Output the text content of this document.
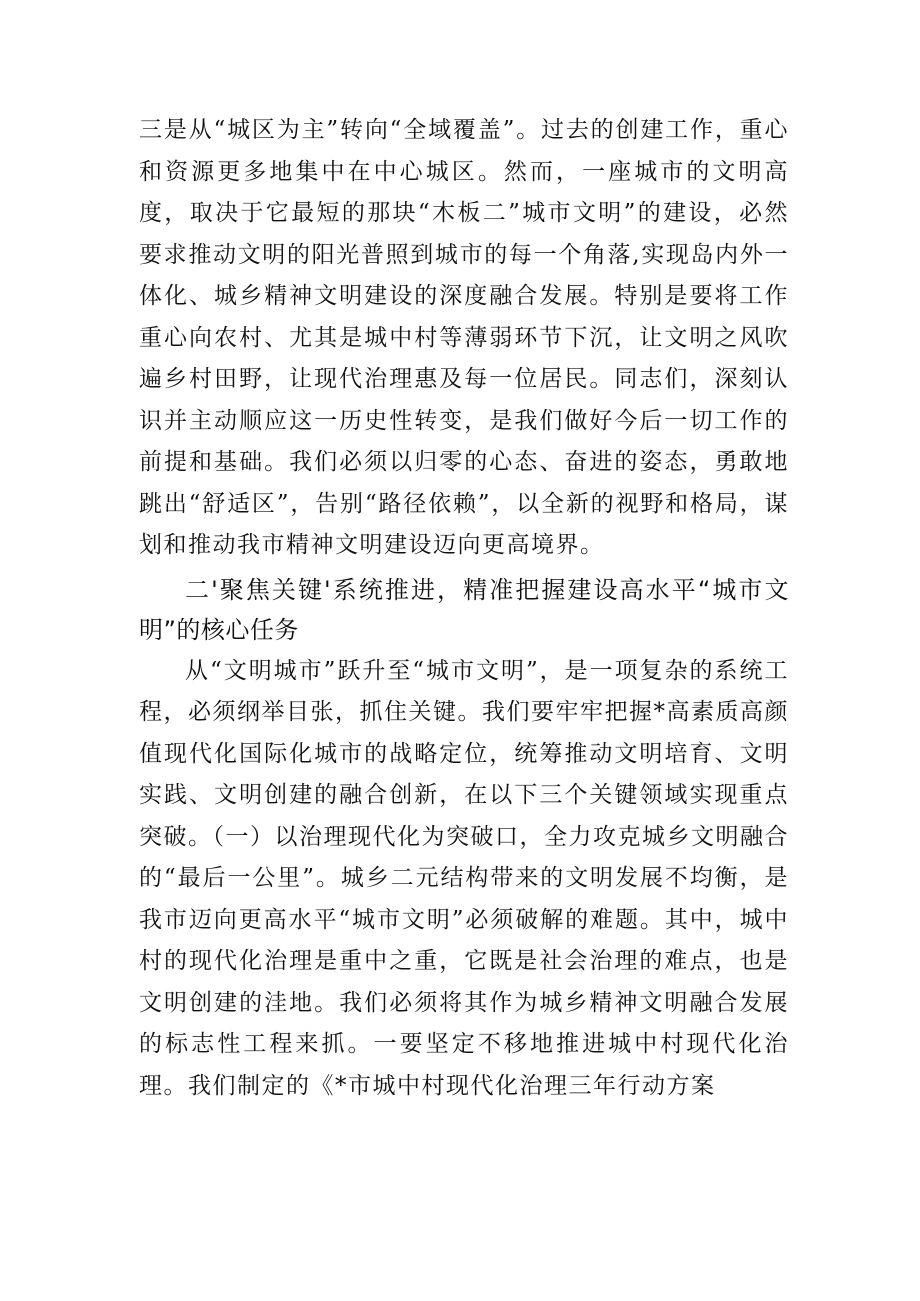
三是从“城区为主”转向“全域覆盖”。过去的创建工作，重心和资源更多地集中在中心城区。然而，一座城市的文明高度，取决于它最短的那块“木板二”城市文明”的建设，必然要求推动文明的阳光普照到城市的每一个角落,实现岛内外一体化、城乡精神文明建设的深度融合发展。特别是要将工作重心向农村、尤其是城中村等薄弱环节下沉，让文明之风吹遍乡村田野，让现代治理惠及每一位居民。同志们，深刻认识并主动顺应这一历史性转变，是我们做好今后一切工作的前提和基础。我们必须以归零的心态、奋进的姿态，勇敢地跳出“舒适区”，告别“路径依赖”，以全新的视野和格局，谋划和推动我市精神文明建设迈向更高境界。

二'聚焦关键'系统推进，精准把握建设高水平“城市文明”的核心任务

从“文明城市”跃升至“城市文明”，是一项复杂的系统工程，必须纲举目张，抓住关键。我们要牢牢把握*高素质高颜值现代化国际化城市的战略定位，统筹推动文明培育、文明实践、文明创建的融合创新，在以下三个关键领域实现重点突破。（一）以治理现代化为突破口，全力攻克城乡文明融合的“最后一公里”。城乡二元结构带来的文明发展不均衡，是我市迈向更高水平“城市文明”必须破解的难题。其中，城中村的现代化治理是重中之重，它既是社会治理的难点，也是文明创建的洼地。我们必须将其作为城乡精神文明融合发展的标志性工程来抓。一要坚定不移地推进城中村现代化治理。我们制定的《*市城中村现代化治理三年行动方案
